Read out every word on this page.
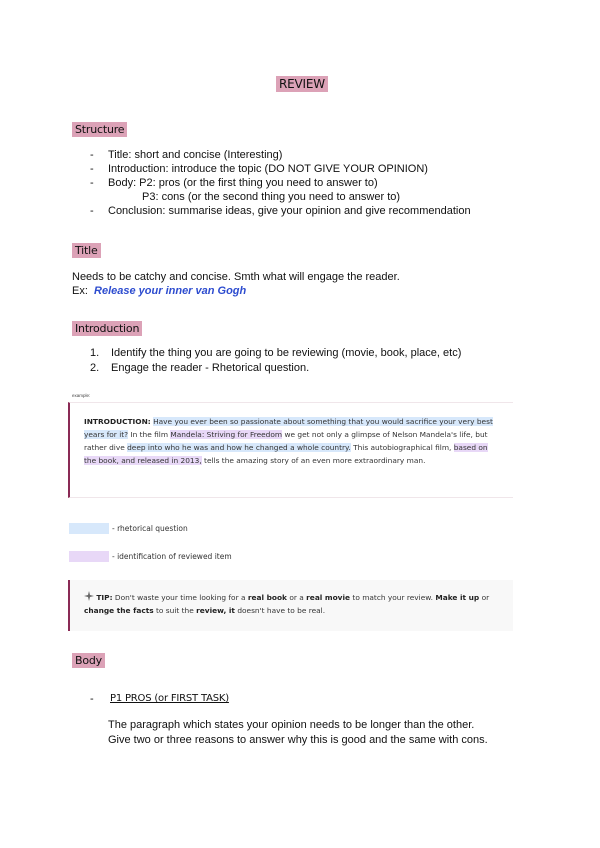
REVIEW
Structure
- Title: short and concise (Interesting)
- Introduction: introduce the topic (DO NOT GIVE YOUR OPINION)
- Body: P2: pros (or the first thing you need to answer to)
P3: cons (or the second thing you need to answer to)
- Conclusion: summarise ideas, give your opinion and give recommendation
Title
Needs to be catchy and concise. Smth what will engage the reader.
Ex: Release your inner van Gogh
Introduction
1. Identify the thing you are going to be reviewing (movie, book, place, etc)
2. Engage the reader - Rhetorical question.
example:
INTRODUCTION: Have you ever been so passionate about something that you would sacrifice your very best years for it? In the film Mandela: Striving for Freedom we get not only a glimpse of Nelson Mandela's life, but rather dive deep into who he was and how he changed a whole country. This autobiographical film, based on the book, and released in 2013, tells the amazing story of an even more extraordinary man.
- rhetorical question
- identification of reviewed item
TIP: Don't waste your time looking for a real book or a real movie to match your review. Make it up or change the facts to suit the review, it doesn't have to be real.
Body
- P1 PROS (or FIRST TASK)
The paragraph which states your opinion needs to be longer than the other.
Give two or three reasons to answer why this is good and the same with cons.
